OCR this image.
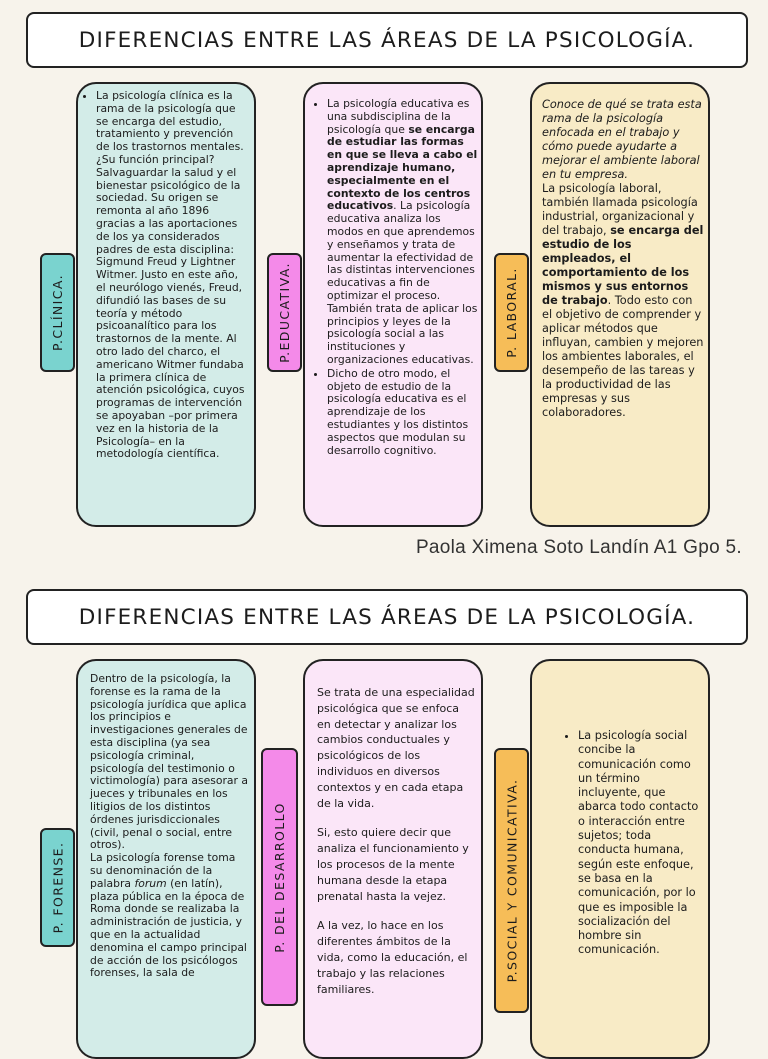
DIFERENCIAS ENTRE LAS ÁREAS DE LA PSICOLOGÍA.
P.CLÍNICA.
• La psicología clínica es la rama de la psicología que se encarga del estudio, tratamiento y prevención de los trastornos mentales. ¿Su función principal? Salvaguardar la salud y el bienestar psicológico de la sociedad. Su origen se remonta al año 1896 gracias a las aportaciones de los ya considerados padres de esta disciplina: Sigmund Freud y Lightner Witmer. Justo en este año, el neurólogo vienés, Freud, difundió las bases de su teoría y método psicoanalítico para los trastornos de la mente. Al otro lado del charco, el americano Witmer fundaba la primera clínica de atención psicológica, cuyos programas de intervención se apoyaban –por primera vez en la historia de la Psicología– en la metodología científica.
P.EDUCATIVA.
• La psicología educativa es una subdisciplina de la psicología que se encarga de estudiar las formas en que se lleva a cabo el aprendizaje humano, especialmente en el contexto de los centros educativos. La psicología educativa analiza los modos en que aprendemos y enseñamos y trata de aumentar la efectividad de las distintas intervenciones educativas a fin de optimizar el proceso. También trata de aplicar los principios y leyes de la psicología social a las instituciones y organizaciones educativas.
• Dicho de otro modo, el objeto de estudio de la psicología educativa es el aprendizaje de los estudiantes y los distintos aspectos que modulan su desarrollo cognitivo.
P. LABORAL.

Conoce de qué se trata esta rama de la psicología enfocada en el trabajo y cómo puede ayudarte a mejorar el ambiente laboral en tu empresa.

La psicología laboral, también llamada psicología industrial, organizacional y del trabajo, se encarga del estudio de los empleados, el comportamiento de los mismos y sus entornos de trabajo. Todo esto con el objetivo de comprender y aplicar métodos que influyan, cambien y mejoren los ambientes laborales, el desempeño de las tareas y la productividad de las empresas y sus colaboradores.

Paola Ximena Soto Landín A1 Gpo 5.
DIFERENCIAS ENTRE LAS ÁREAS DE LA PSICOLOGÍA.
P. FORENSE.

Dentro de la psicología, la forense es la rama de la psicología jurídica que aplica los principios e investigaciones generales de esta disciplina (ya sea psicología criminal, psicología del testimonio o victimología) para asesorar a jueces y tribunales en los litigios de los distintos órdenes jurisdiccionales (civil, penal o social, entre otros).

La psicología forense toma su denominación de la palabra forum (en latín), plaza pública en la época de Roma donde se realizaba la administración de justicia, y que en la actualidad denomina el campo principal de acción de los psicólogos forenses, la sala de

P. DEL DESARROLLO

Se trata de una especialidad psicológica que se enfoca en detectar y analizar los cambios conductuales y psicológicos de los individuos en diversos contextos y en cada etapa de la vida.

Si, esto quiere decir que analiza el funcionamiento y los procesos de la mente humana desde la etapa prenatal hasta la vejez.

A la vez, lo hace en los diferentes ámbitos de la vida, como la educación, el trabajo y las relaciones familiares.

P.SOCIAL Y COMUNICATIVA.
• La psicología social concibe la comunicación como un término incluyente, que abarca todo contacto o interacción entre sujetos; toda conducta humana, según este enfoque, se basa en la comunicación, por lo que es imposible la socialización del hombre sin comunicación.
